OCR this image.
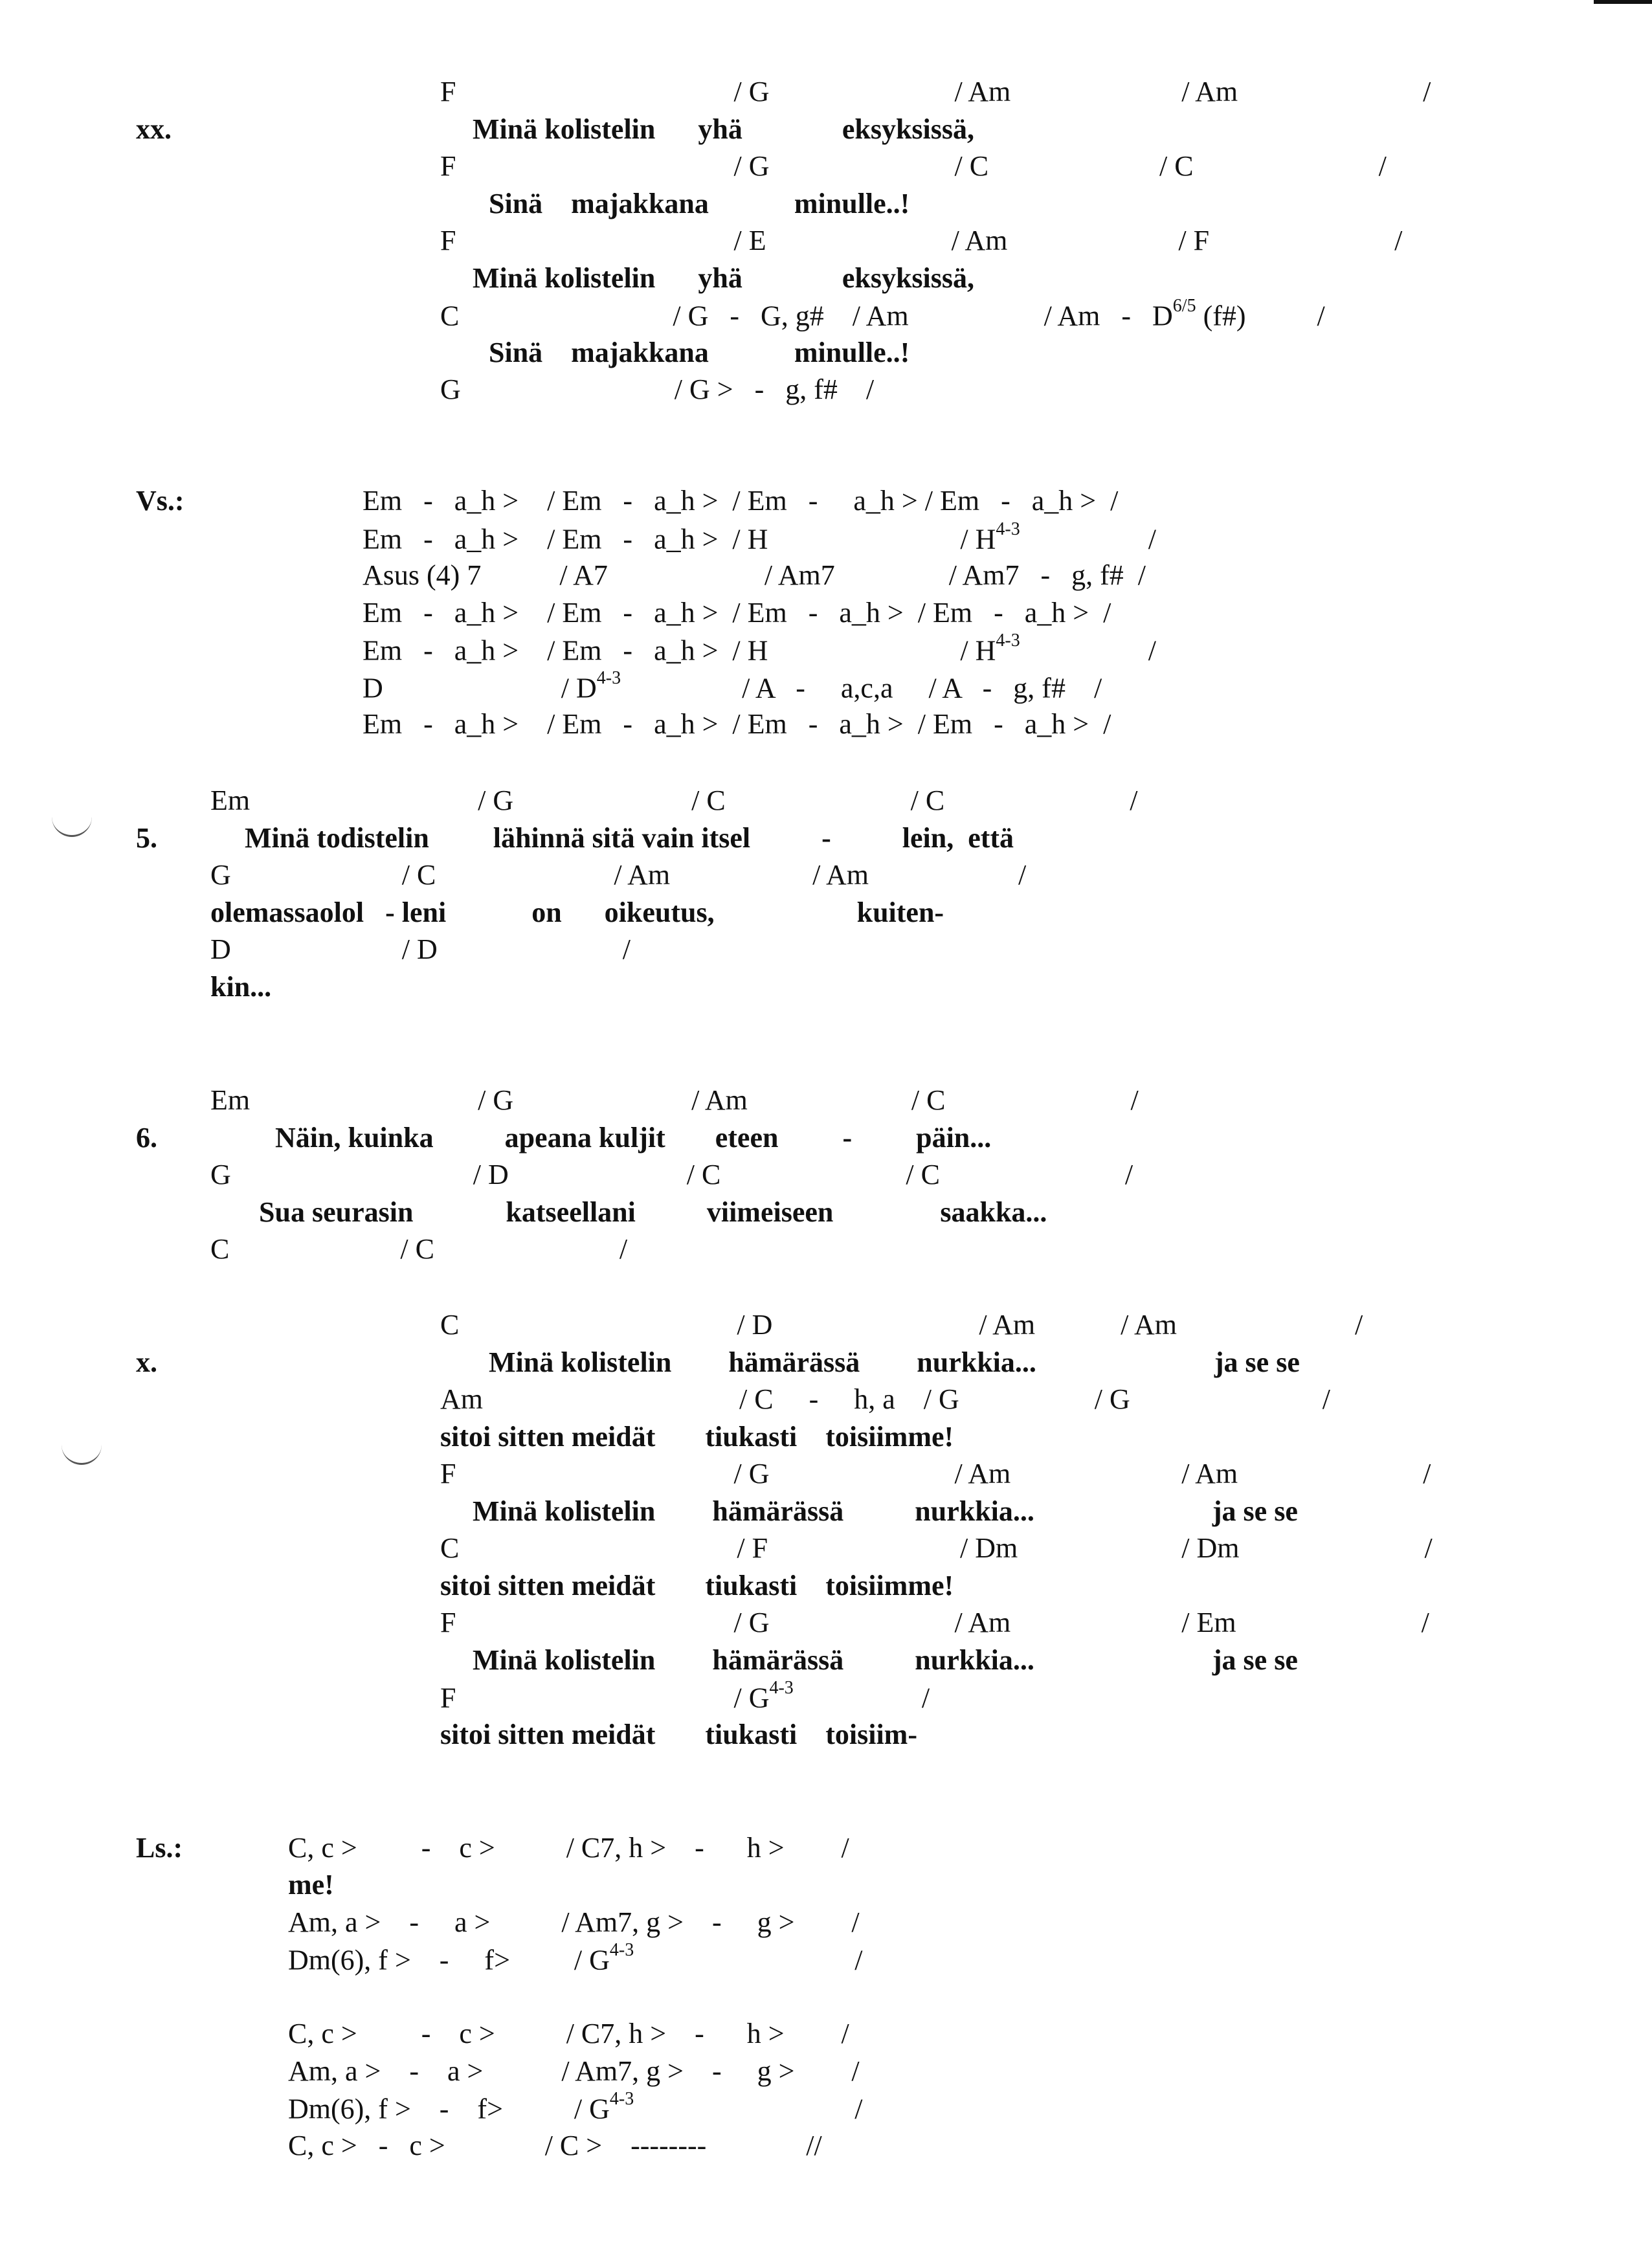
xx.
Vs.:
5.
6.
x.
Ls.:
F                                       / G                          / Am                        / Am                          /
Minä kolistelin      yhä              eksyksissä,
F                                       / G                          / C                        / C                          /
Sinä    majakkana            minulle..!
F                                       / E                          / Am                        / F                          /
Minä kolistelin      yhä              eksyksissä,
C                              / G   -   G, g#    / Am                   / Am   -   $D^{6/5}$ (f#)          /
Sinä    majakkana            minulle..!
G                              / G >   -   g, f#    /
Em   -   a_h >    / Em   -   a_h >  / Em   -     a_h > / Em   -   a_h >  /
Em   -   a_h >    / Em   -   a_h >  / H                           / $H^{4-3}$                  /
Asus (4) 7           / A7                      / Am7                / Am7   -   g, f#  /
Em   -   a_h >    / Em   -   a_h >  / Em   -   a_h >  / Em   -   a_h >  /
Em   -   a_h >    / Em   -   a_h >  / H                           / $H^{4-3}$                  /
D                         / $D^{4-3}$                 / A   -     a,c,a     / A   -   g, f#    /
Em   -   a_h >    / Em   -   a_h >  / Em   -   a_h >  / Em   -   a_h >  /
Em                                / G                         / C                          / C                          /
Minä todistelin         lähinnä sitä vain itsel          -          lein,  että
G                        / C                         / Am                    / Am                     /
olemassaolol   - leni            on      oikeutus,                    kuiten-
D                        / D                          /
kin...
Em                                / G                         / Am                       / C                          /
Näin, kuinka          apeana kuljit       eteen         -         päin...
G                                  / D                         / C                          / C                          /
Sua seurasin             katseellani          viimeiseen               saakka...
C                        / C                          /
C                                       / D                             / Am            / Am                         /
Minä kolistelin        hämärässä        nurkkia...                         ja se se
Am                                    / C     -     h, a    / G                   / G                           /
sitoi sitten meidät       tiukasti    toisiimme!
F                                       / G                          / Am                        / Am                          /
Minä kolistelin        hämärässä          nurkkia...                         ja se se
C                                       / F                           / Dm                       / Dm                          /
sitoi sitten meidät       tiukasti    toisiimme!
F                                       / G                          / Am                        / Em                          /
Minä kolistelin        hämärässä          nurkkia...                         ja se se
F                                       / $G^{4-3}$                  /
sitoi sitten meidät       tiukasti    toisiim-
C, c >         -    c >          / C7, h >    -      h >        /
me!
Am, a >    -     a >          / Am7, g >    -     g >        /
Dm(6), f >    -     f>         / $G^{4-3}$                               /
C, c >         -    c >          / C7, h >    -      h >        /
Am, a >    -    a >           / Am7, g >    -     g >        /
Dm(6), f >    -    f>          / $G^{4-3}$                               /
C, c >   -   c >              / C >    --------              //
